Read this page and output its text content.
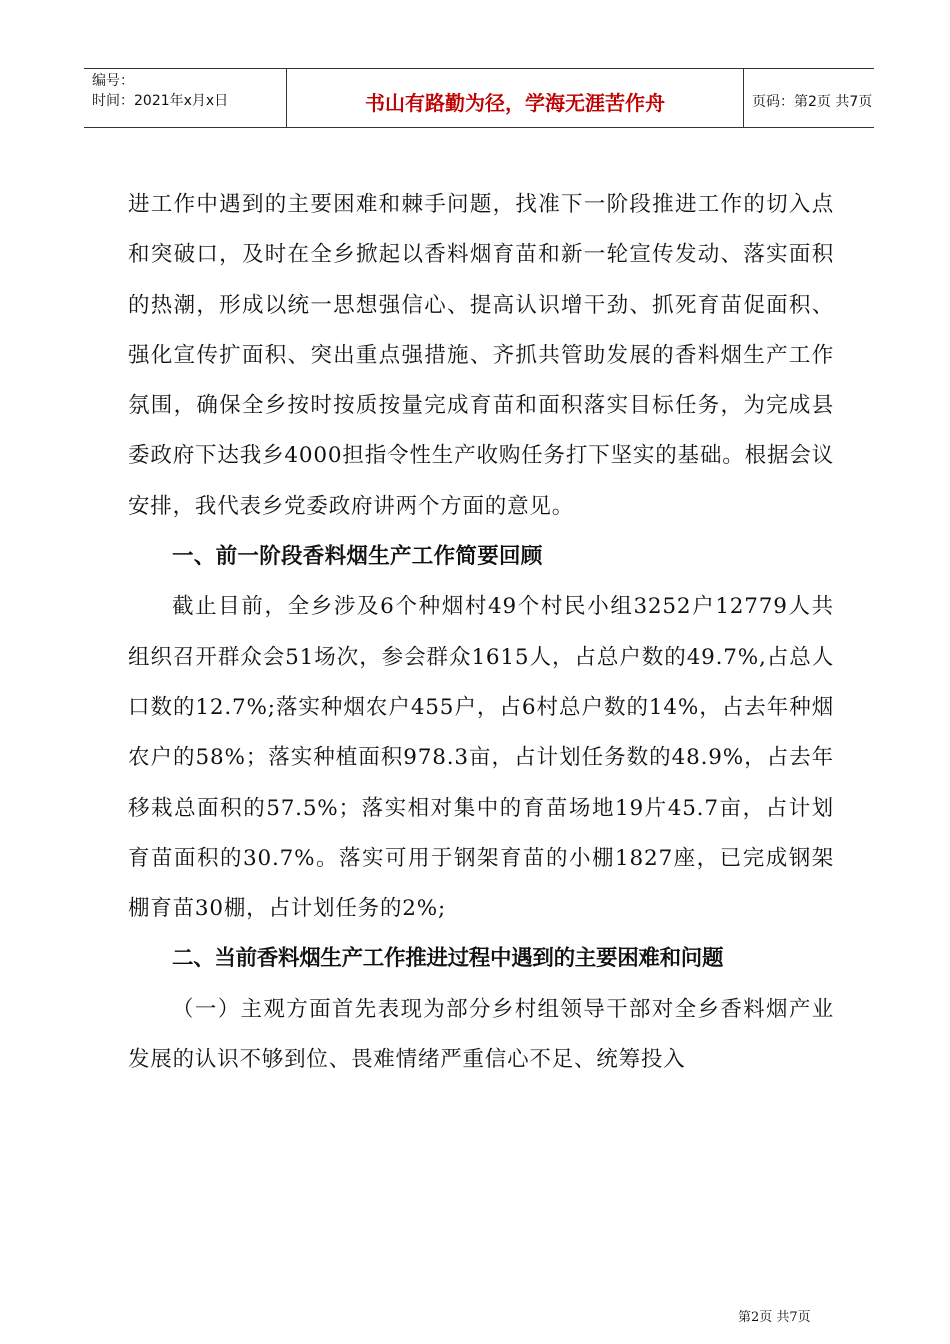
编号：
时间：2021年x月x日	书山有路勤为径，学海无涯苦作舟	页码：第2页 共7页

进工作中遇到的主要困难和棘手问题，找准下一阶段推进工作的切入点和突破口，及时在全乡掀起以香料烟育苗和新一轮宣传发动、落实面积的热潮，形成以统一思想强信心、提高认识增干劲、抓死育苗促面积、强化宣传扩面积、突出重点强措施、齐抓共管助发展的香料烟生产工作氛围，确保全乡按时按质按量完成育苗和面积落实目标任务，为完成县委政府下达我乡4000担指令性生产收购任务打下坚实的基础。根据会议安排，我代表乡党委政府讲两个方面的意见。

一、前一阶段香料烟生产工作简要回顾

截止目前，全乡涉及6个种烟村49个村民小组3252户12779人共组织召开群众会51场次，参会群众1615人，占总户数的49.7%,占总人口数的12.7%;落实种烟农户455户，占6村总户数的14%，占去年种烟农户的58%；落实种植面积978.3亩，占计划任务数的48.9%，占去年移栽总面积的57.5%；落实相对集中的育苗场地19片45.7亩，占计划育苗面积的30.7%。落实可用于钢架育苗的小棚1827座，已完成钢架棚育苗30棚，占计划任务的2%;

二、当前香料烟生产工作推进过程中遇到的主要困难和问题

（一）主观方面首先表现为部分乡村组领导干部对全乡香料烟产业发展的认识不够到位、畏难情绪严重信心不足、统筹投入

第2页 共7页
